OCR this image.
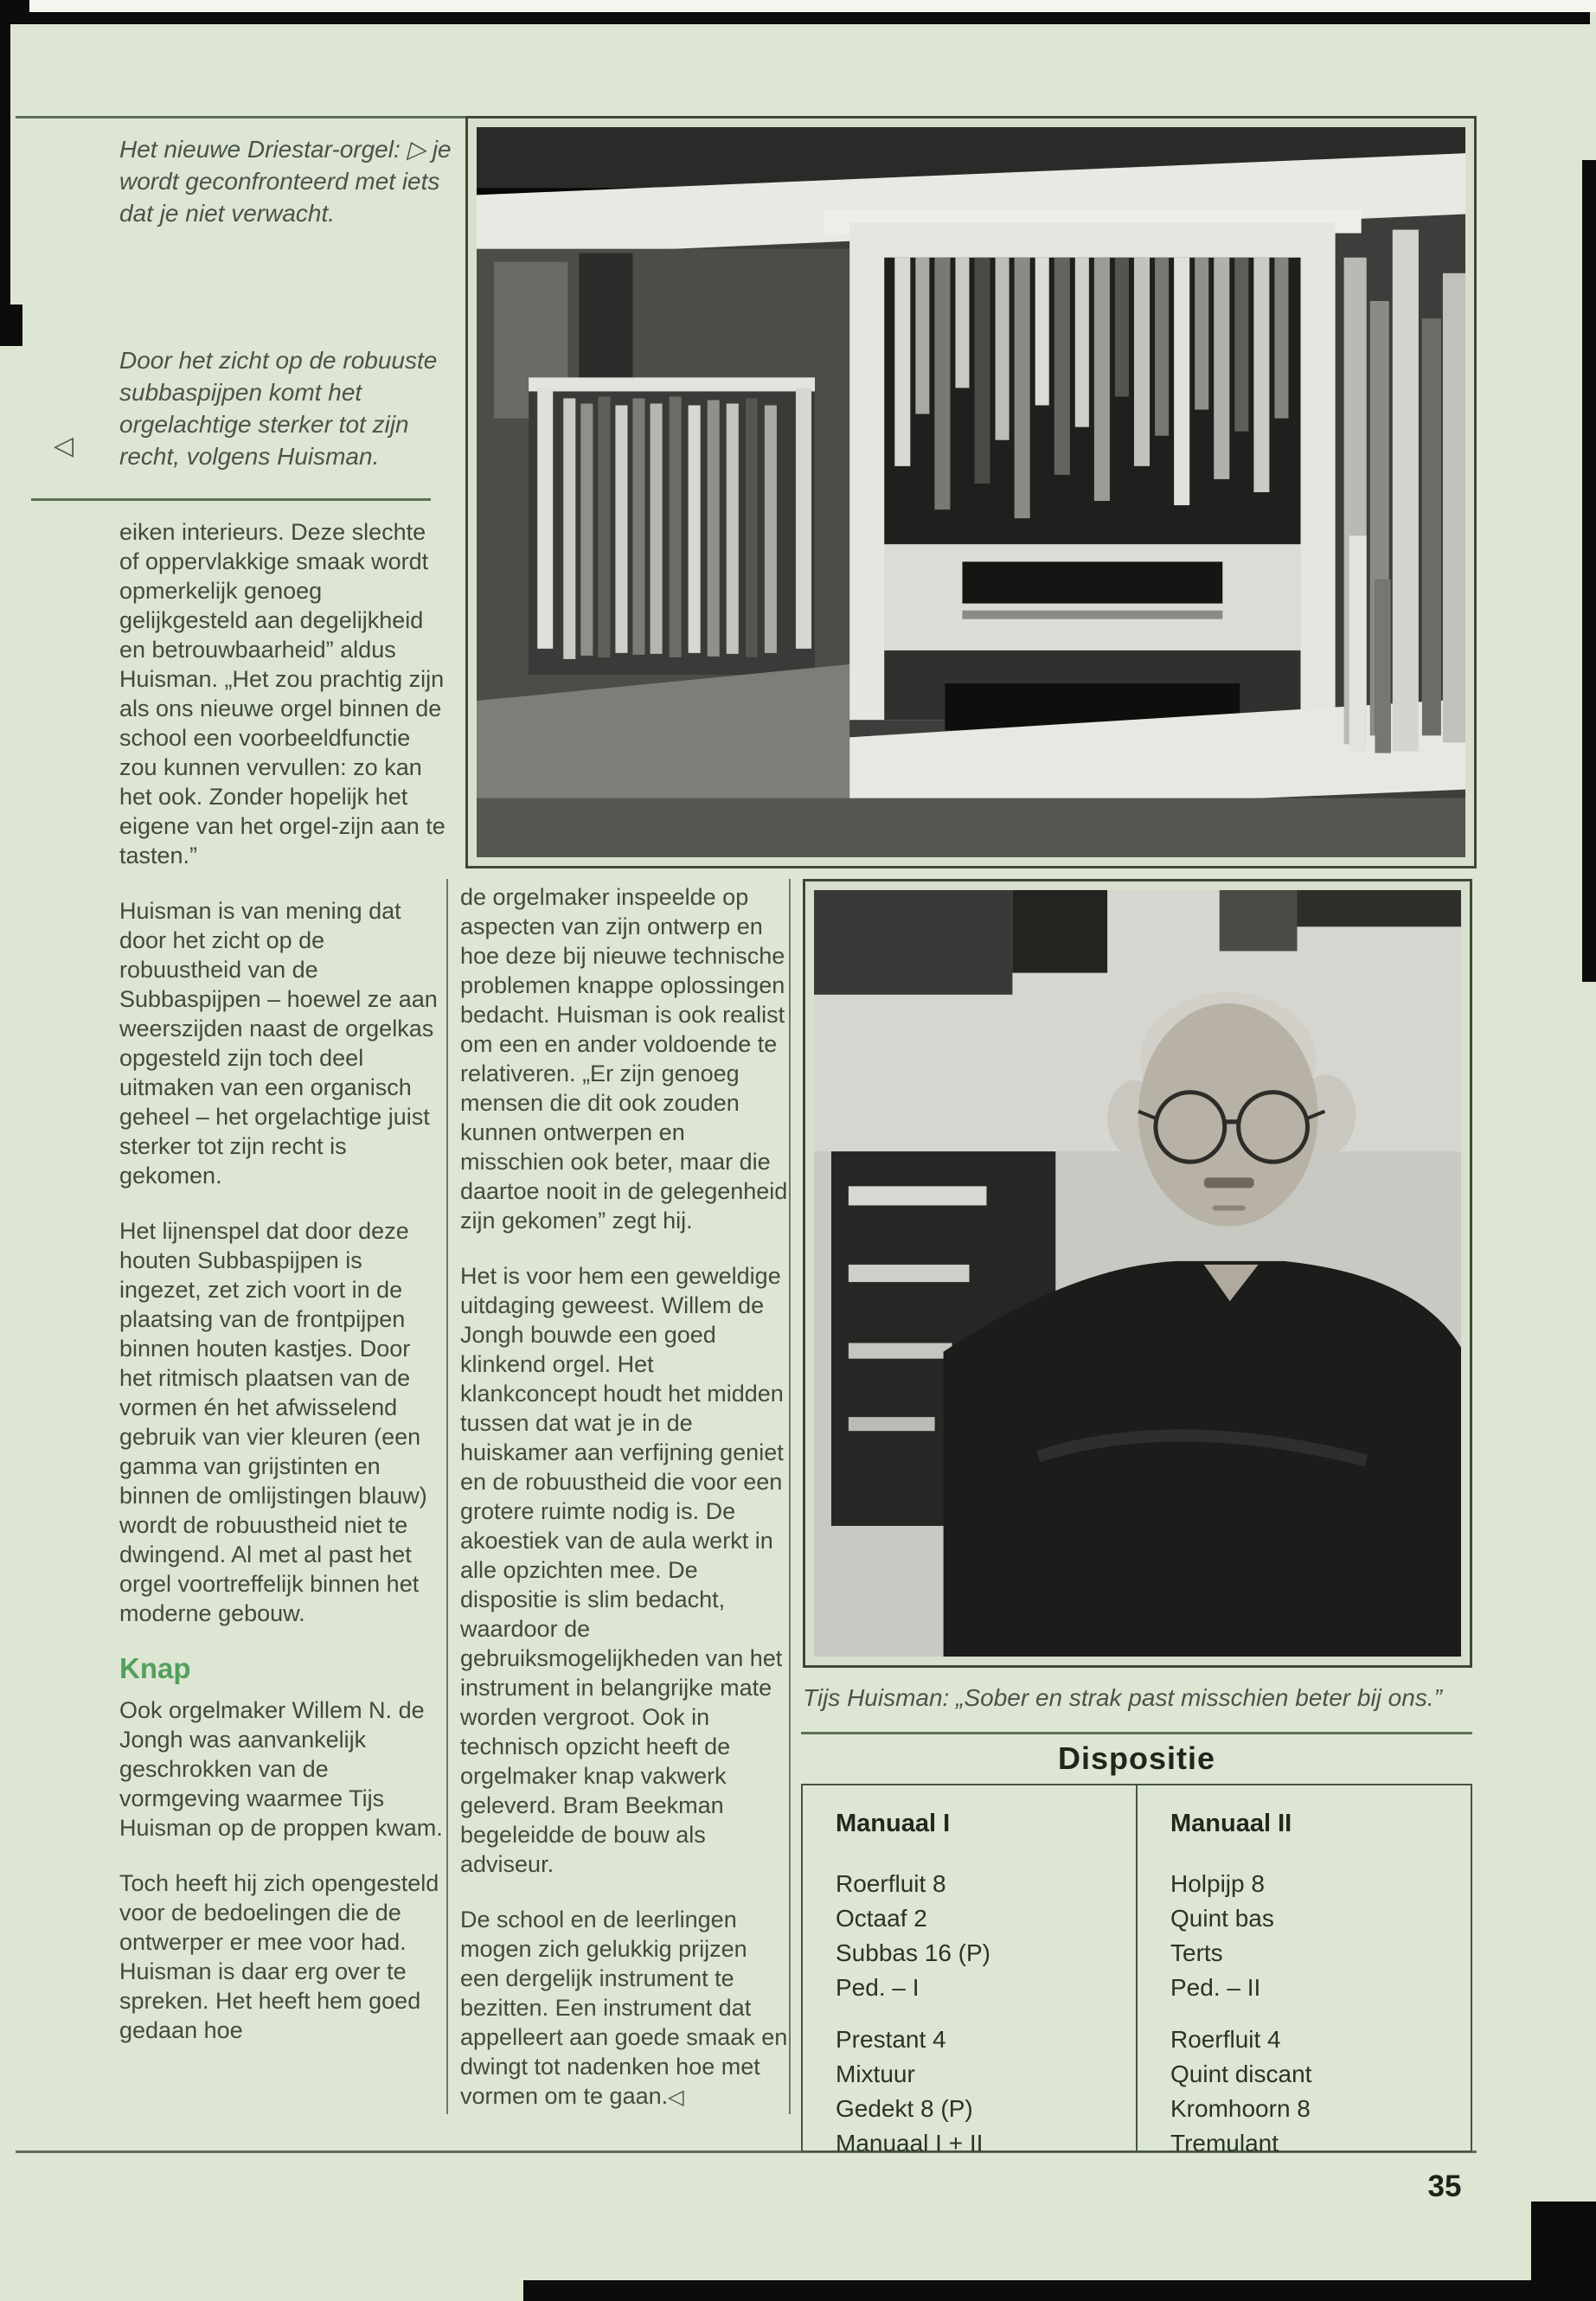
Het nieuwe Driestar-orgel: ▷ je wordt geconfronteerd met iets dat je niet verwacht.
Door het zicht op de robuuste subbaspijpen komt het orgelachtige sterker tot zijn recht, volgens Huisman.
◁

eiken interieurs. Deze slechte of oppervlakkige smaak wordt opmerkelijk genoeg gelijkgesteld aan degelijkheid en betrouwbaarheid” aldus Huisman. „Het zou prachtig zijn als ons nieuwe orgel binnen de school een voorbeeldfunctie zou kunnen vervullen: zo kan het ook. Zonder hopelijk het eigene van het orgel-zijn aan te tasten.”

Huisman is van mening dat door het zicht op de robuustheid van de Subbaspijpen – hoewel ze aan weerszijden naast de orgelkas opgesteld zijn toch deel uitmaken van een organisch geheel – het orgelachtige juist sterker tot zijn recht is gekomen.

Het lijnenspel dat door deze houten Subbaspijpen is ingezet, zet zich voort in de plaatsing van de frontpijpen binnen houten kastjes. Door het ritmisch plaatsen van de vormen én het afwisselend gebruik van vier kleuren (een gamma van grijstinten en binnen de omlijstingen blauw) wordt de robuustheid niet te dwingend. Al met al past het orgel voortreffelijk binnen het moderne gebouw.

Knap

Ook orgelmaker Willem N. de Jongh was aanvankelijk geschrokken van de vormgeving waarmee Tijs Huisman op de proppen kwam.

Toch heeft hij zich opengesteld voor de bedoelingen die de ontwerper er mee voor had. Huisman is daar erg over te spreken. Het heeft hem goed gedaan hoe

de orgelmaker inspeelde op aspecten van zijn ontwerp en hoe deze bij nieuwe technische problemen knappe oplossingen bedacht. Huisman is ook realist om een en ander voldoende te relativeren. „Er zijn genoeg mensen die dit ook zouden kunnen ontwerpen en misschien ook beter, maar die daartoe nooit in de gelegenheid zijn gekomen” zegt hij.

Het is voor hem een geweldige uitdaging geweest. Willem de Jongh bouwde een goed klinkend orgel. Het klankconcept houdt het midden tussen dat wat je in de huiskamer aan verfijning geniet en de robuustheid die voor een grotere ruimte nodig is. De akoestiek van de aula werkt in alle opzichten mee. De dispositie is slim bedacht, waardoor de gebruiksmogelijkheden van het instrument in belangrijke mate worden vergroot. Ook in technisch opzicht heeft de orgelmaker knap vakwerk geleverd. Bram Beekman begeleidde de bouw als adviseur.

De school en de leerlingen mogen zich gelukkig prijzen een dergelijk instrument te bezitten. Een instrument dat appelleert aan goede smaak en dwingt tot nadenken hoe met vormen om te gaan.◁

Tijs Huisman: „Sober en strak past misschien beter bij ons.”
Dispositie
Manuaal I
Roerfluit 8
Octaaf 2
Subbas 16 (P)
Ped. – I
Prestant 4
Mixtuur
Gedekt 8 (P)
Manuaal I + II
Manuaal II
Holpijp 8
Quint bas
Terts
Ped. – II
Roerfluit 4
Quint discant
Kromhoorn 8
Tremulant
35
